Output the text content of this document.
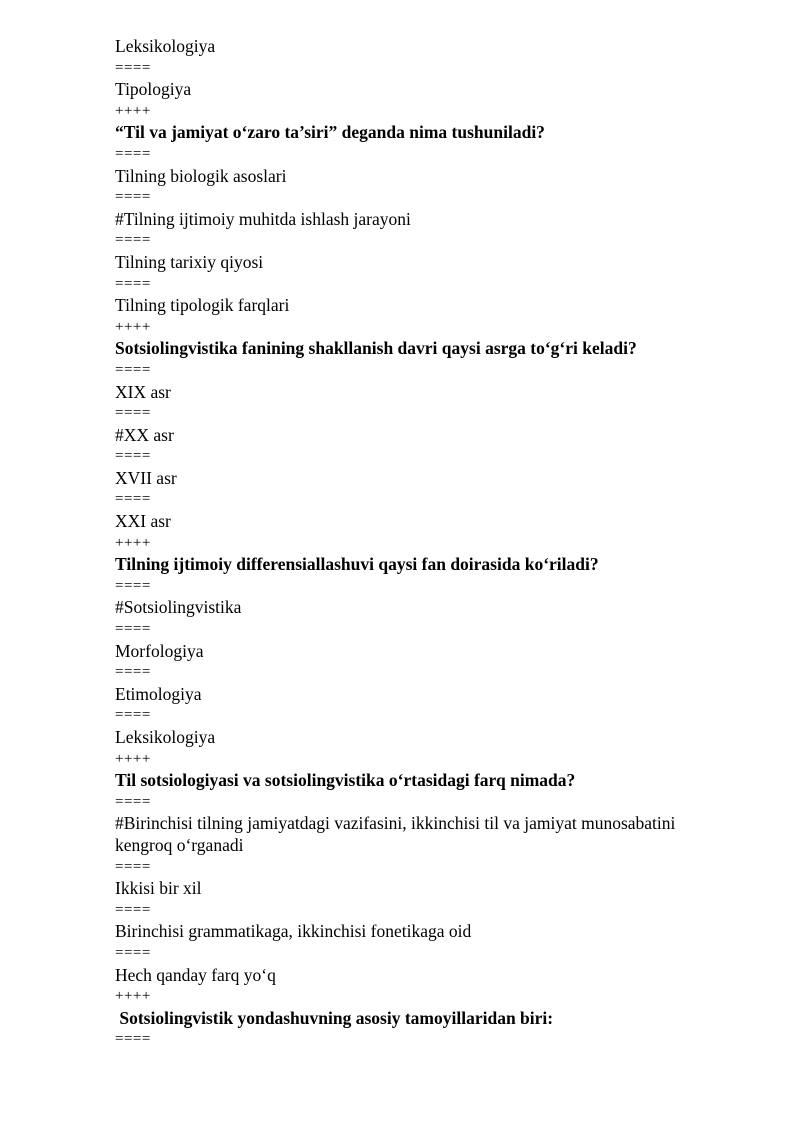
Leksikologiya
====
Tipologiya
++++
“Til va jamiyat o‘zaro ta’siri” deganda nima tushuniladi?
====
Tilning biologik asoslari
====
#Tilning ijtimoiy muhitda ishlash jarayoni
====
Tilning tarixiy qiyosi
====
Tilning tipologik farqlari
++++
Sotsiolingvistika fanining shakllanish davri qaysi asrga to‘g‘ri keladi?
====
XIX asr
====
#XX asr
====
XVII asr
====
XXI asr
++++
Tilning ijtimoiy differensiallashuvi qaysi fan doirasida ko‘riladi?
====
#Sotsiolingvistika
====
Morfologiya
====
Etimologiya
====
Leksikologiya
++++
Til sotsiologiyasi va sotsiolingvistika o‘rtasidagi farq nimada?
====
#Birinchisi tilning jamiyatdagi vazifasini, ikkinchisi til va jamiyat munosabatini kengroq o‘rganadi
====
Ikkisi bir xil
====
Birinchisi grammatikaga, ikkinchisi fonetikaga oid
====
Hech qanday farq yo‘q
++++
Sotsiolingvistik yondashuvning asosiy tamoyillaridan biri:
====
